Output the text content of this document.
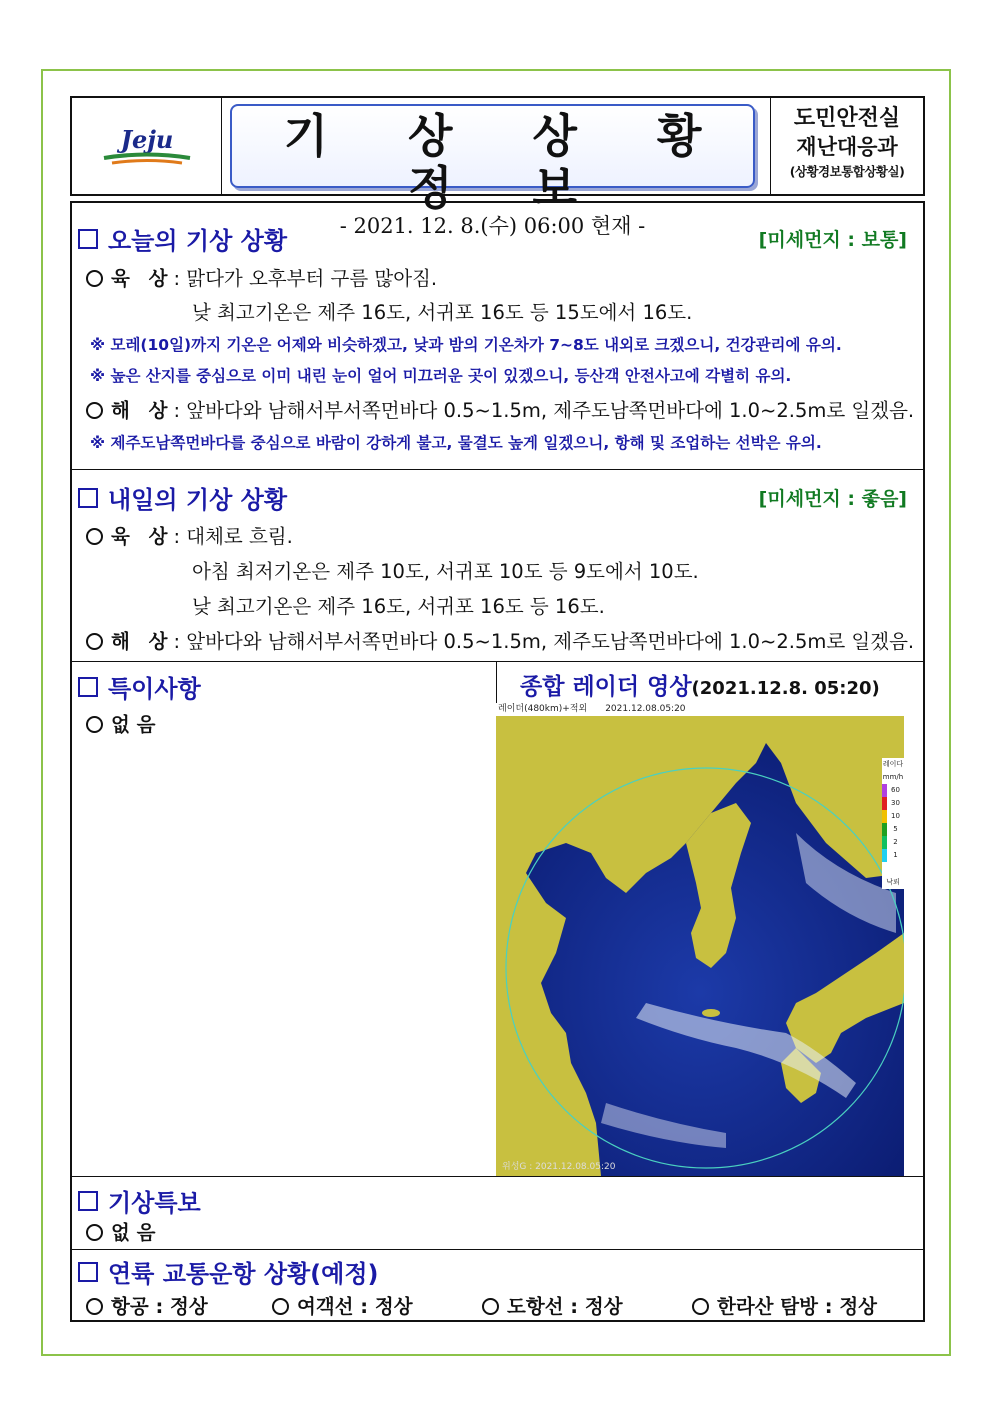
Jeju	기 상 상 황 정 보
- 2021. 12. 8.(수) 06:00 현재 -
도민안전실
재난대응과
(상황경보통합상황실)
오늘의 기상 상황	[미세먼지 : 보통]
육 상: 맑다가 오후부터 구름 많아짐.
낮 최고기온은 제주 16도, 서귀포 16도 등 15도에서 16도.
※ 모레(10일)까지 기온은 어제와 비슷하겠고, 낮과 밤의 기온차가 7~8도 내외로 크겠으니, 건강관리에 유의.
※ 높은 산지를 중심으로 이미 내린 눈이 얼어 미끄러운 곳이 있겠으니, 등산객 안전사고에 각별히 유의.
해 상: 앞바다와 남해서부서쪽먼바다 0.5~1.5m, 제주도남쪽먼바다에 1.0~2.5m로 일겠음.
※ 제주도남쪽먼바다를 중심으로 바람이 강하게 불고, 물결도 높게 일겠으니, 항해 및 조업하는 선박은 유의.
내일의 기상 상황	[미세먼지 : 좋음]
육 상: 대체로 흐림.
아침 최저기온은 제주 10도, 서귀포 10도 등 9도에서 10도.
낮 최고기온은 제주 16도, 서귀포 16도 등 16도.
해 상: 앞바다와 남해서부서쪽먼바다 0.5~1.5m, 제주도남쪽먼바다에 1.0~2.5m로 일겠음.
특이사항
없 음
종합 레이더 영상(2021.12.8. 05:20)
레이더(480km)+적외 2021.12.08.05:20
레이다
mm/h
60
30
10
5
2
1
낙뢰
위성G : 2021.12.08.05:20
기상특보
없 음
연륙 교통운항 상황(예정)
항공 : 정상	여객선 : 정상	도항선 : 정상	한라산 탐방 : 정상
